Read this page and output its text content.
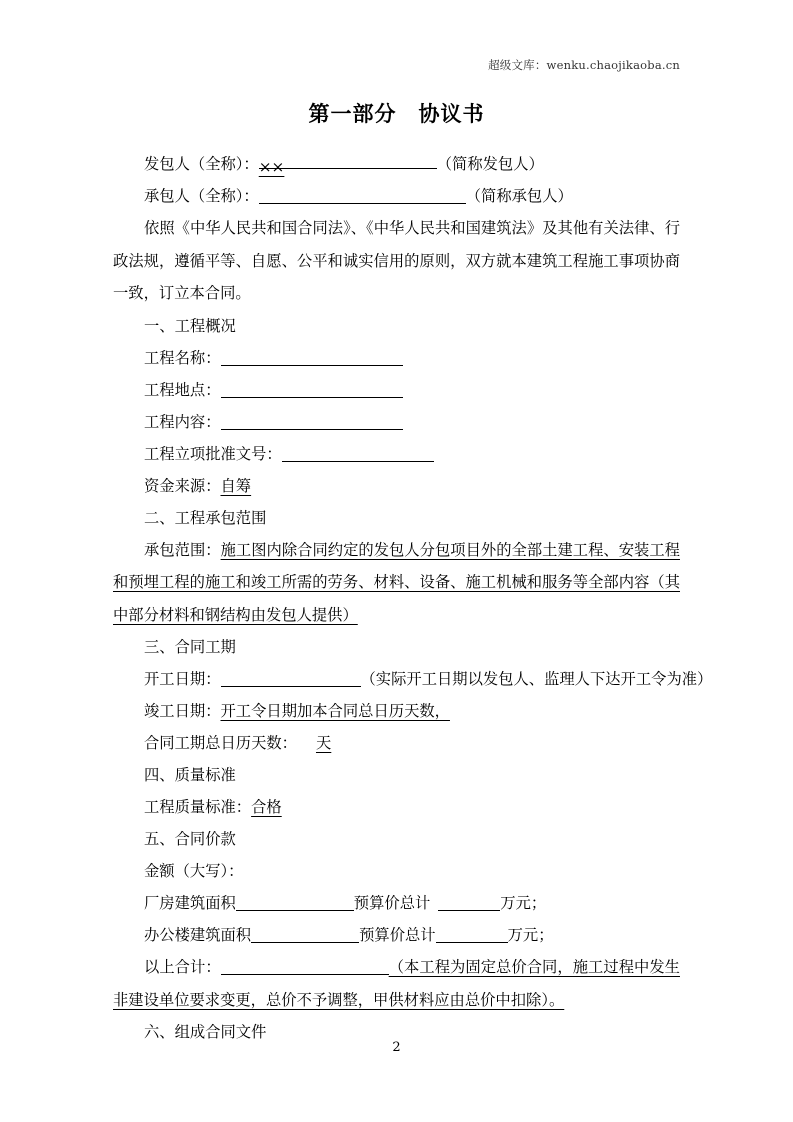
超级文库：wenku.chaojikaoba.cn
第一部分 协议书
发包人（全称）：××	（简称发包人）
承包人（全称）：	（简称承包人）
依照《中华人民共和国合同法》、《中华人民共和国建筑法》及其他有关法律、行政法规，遵循平等、自愿、公平和诚实信用的原则，双方就本建筑工程施工事项协商一致，订立本合同。
一、工程概况
工程名称：
工程地点：
工程内容：
工程立项批准文号：
资金来源：自筹
二、工程承包范围
承包范围：施工图内除合同约定的发包人分包项目外的全部土建工程、安装工程和预埋工程的施工和竣工所需的劳务、材料、设备、施工机械和服务等全部内容（其中部分材料和钢结构由发包人提供）
三、合同工期
开工日期：	（实际开工日期以发包人、监理人下达开工令为准）
竣工日期：开工令日期加本合同总日历天数，
合同工期总日历天数： 天
四、质量标准
工程质量标准：合格
五、合同价款
金额（大写）：
厂房建筑面积	预算价总计	万元；
办公楼建筑面积	预算价总计	万元；
以上合计：	（本工程为固定总价合同，施工过程中发生非建设单位要求变更，总价不予调整，甲供材料应由总价中扣除）。
六、组成合同文件
2
